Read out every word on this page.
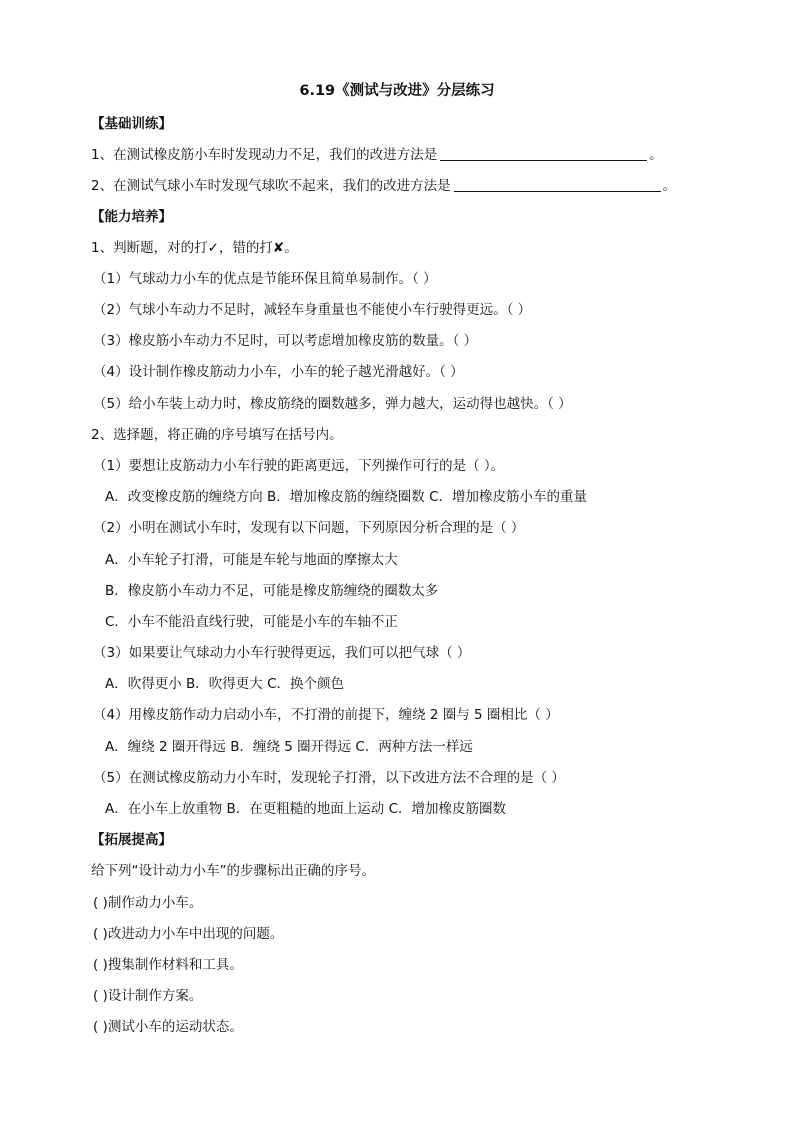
6.19《测试与改进》分层练习
【基础训练】
1、在测试橡皮筋小车时发现动力不足，我们的改进方法是	。
2、在测试气球小车时发现气球吹不起来，我们的改进方法是	。
【能力培养】
1、判断题，对的打✓，错的打✘。
（1）气球动力小车的优点是节能环保且简单易制作。（ ）
（2）气球小车动力不足时，减轻车身重量也不能使小车行驶得更远。（ ）
（3）橡皮筋小车动力不足时，可以考虑增加橡皮筋的数量。（ ）
（4）设计制作橡皮筋动力小车，小车的轮子越光滑越好。（ ）
（5）给小车装上动力时，橡皮筋绕的圈数越多，弹力越大，运动得也越快。（ ）
2、选择题，将正确的序号填写在括号内。
（1）要想让皮筋动力小车行驶的距离更远，下列操作可行的是（ ）。
A．改变橡皮筋的缠绕方向 B．增加橡皮筋的缠绕圈数 C．增加橡皮筋小车的重量
（2）小明在测试小车时，发现有以下问题，下列原因分析合理的是（ ）
A．小车轮子打滑，可能是车轮与地面的摩擦太大
B．橡皮筋小车动力不足，可能是橡皮筋缠绕的圈数太多
C．小车不能沿直线行驶，可能是小车的车轴不正
（3）如果要让气球动力小车行驶得更远，我们可以把气球（ ）
A．吹得更小 B．吹得更大 C．换个颜色
（4）用橡皮筋作动力启动小车，不打滑的前提下，缠绕 2 圈与 5 圈相比（ ）
A．缠绕 2 圈开得远 B．缠绕 5 圈开得远 C．两种方法一样远
（5）在测试橡皮筋动力小车时，发现轮子打滑，以下改进方法不合理的是（ ）
A．在小车上放重物 B．在更粗糙的地面上运动 C．增加橡皮筋圈数
【拓展提高】
给下列“设计动力小车”的步骤标出正确的序号。
( )制作动力小车。
( )改进动力小车中出现的问题。
( )搜集制作材料和工具。
( )设计制作方案。
( )测试小车的运动状态。
